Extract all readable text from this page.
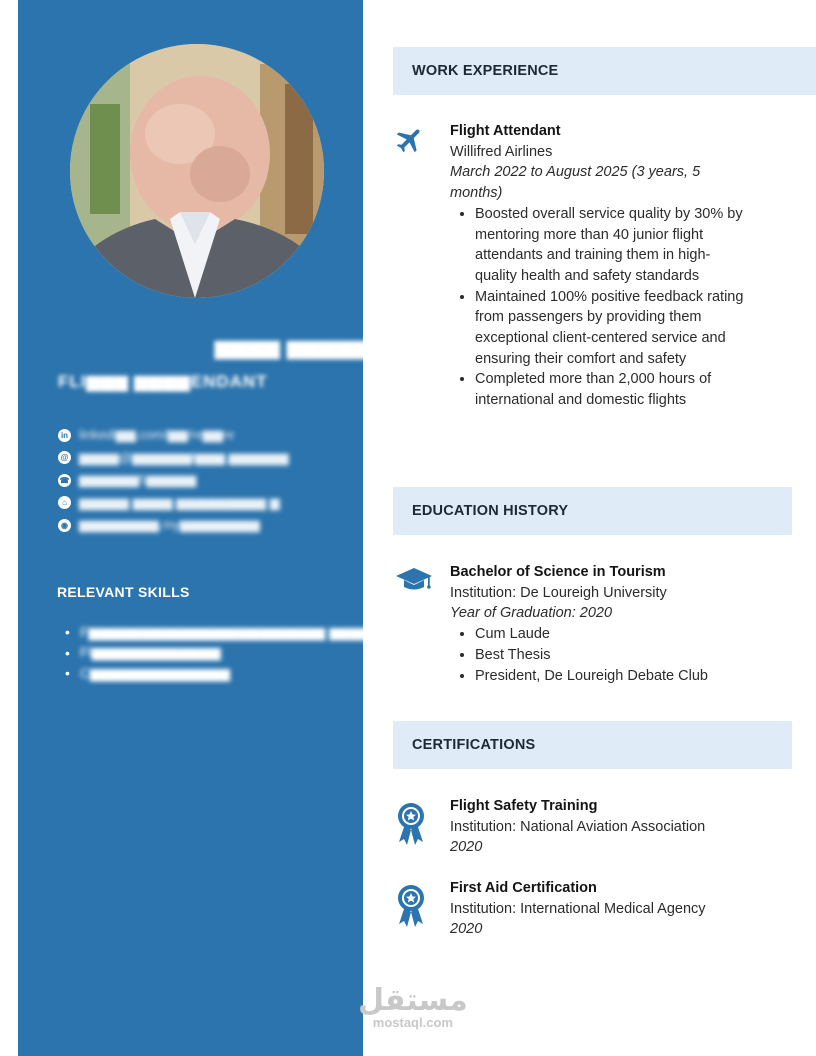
▆▆▆▆ ▆▆▆▆▆ ▆▆▆▆ ▆T
FLI▆▆▆ ▆▆▆▆ENDANT
in linkedi▆▆.com/▆▆/re▆▆re
@ ▆▆▆▆@▆▆▆▆▆▆l▆▆▆.▆▆▆▆▆▆
☎ ▆▆▆▆▆▆5▆▆▆▆▆
⌂ ▆▆▆▆▆ ▆▆▆▆ ▆▆▆▆▆▆▆▆▆ ▆
◉ ▆▆▆▆▆▆▆▆.my▆▆▆▆▆▆▆▆
RELEVANT SKILLS
• F▆▆▆▆▆▆▆▆▆▆▆▆▆▆▆▆▆▆▆▆▆▆ ▆▆▆▆▆e
• Fl▆▆▆▆▆▆▆▆▆▆▆▆
• C▆▆▆▆▆▆▆▆▆▆▆▆▆
WORK EXPERIENCE
Flight Attendant
Willifred Airlines
March 2022 to August 2025 (3 years, 5 months)
• Boosted overall service quality by 30% by mentoring more than 40 junior flight attendants and training them in high-quality health and safety standards
• Maintained 100% positive feedback rating from passengers by providing them exceptional client-centered service and ensuring their comfort and safety
• Completed more than 2,000 hours of international and domestic flights
EDUCATION HISTORY
Bachelor of Science in Tourism
Institution: De Loureigh University
Year of Graduation: 2020
• Cum Laude
• Best Thesis
• President, De Loureigh Debate Club
CERTIFICATIONS
Flight Safety Training
Institution: National Aviation Association
2020
First Aid Certification
Institution: International Medical Agency
2020
مستقل
mostaql.com
